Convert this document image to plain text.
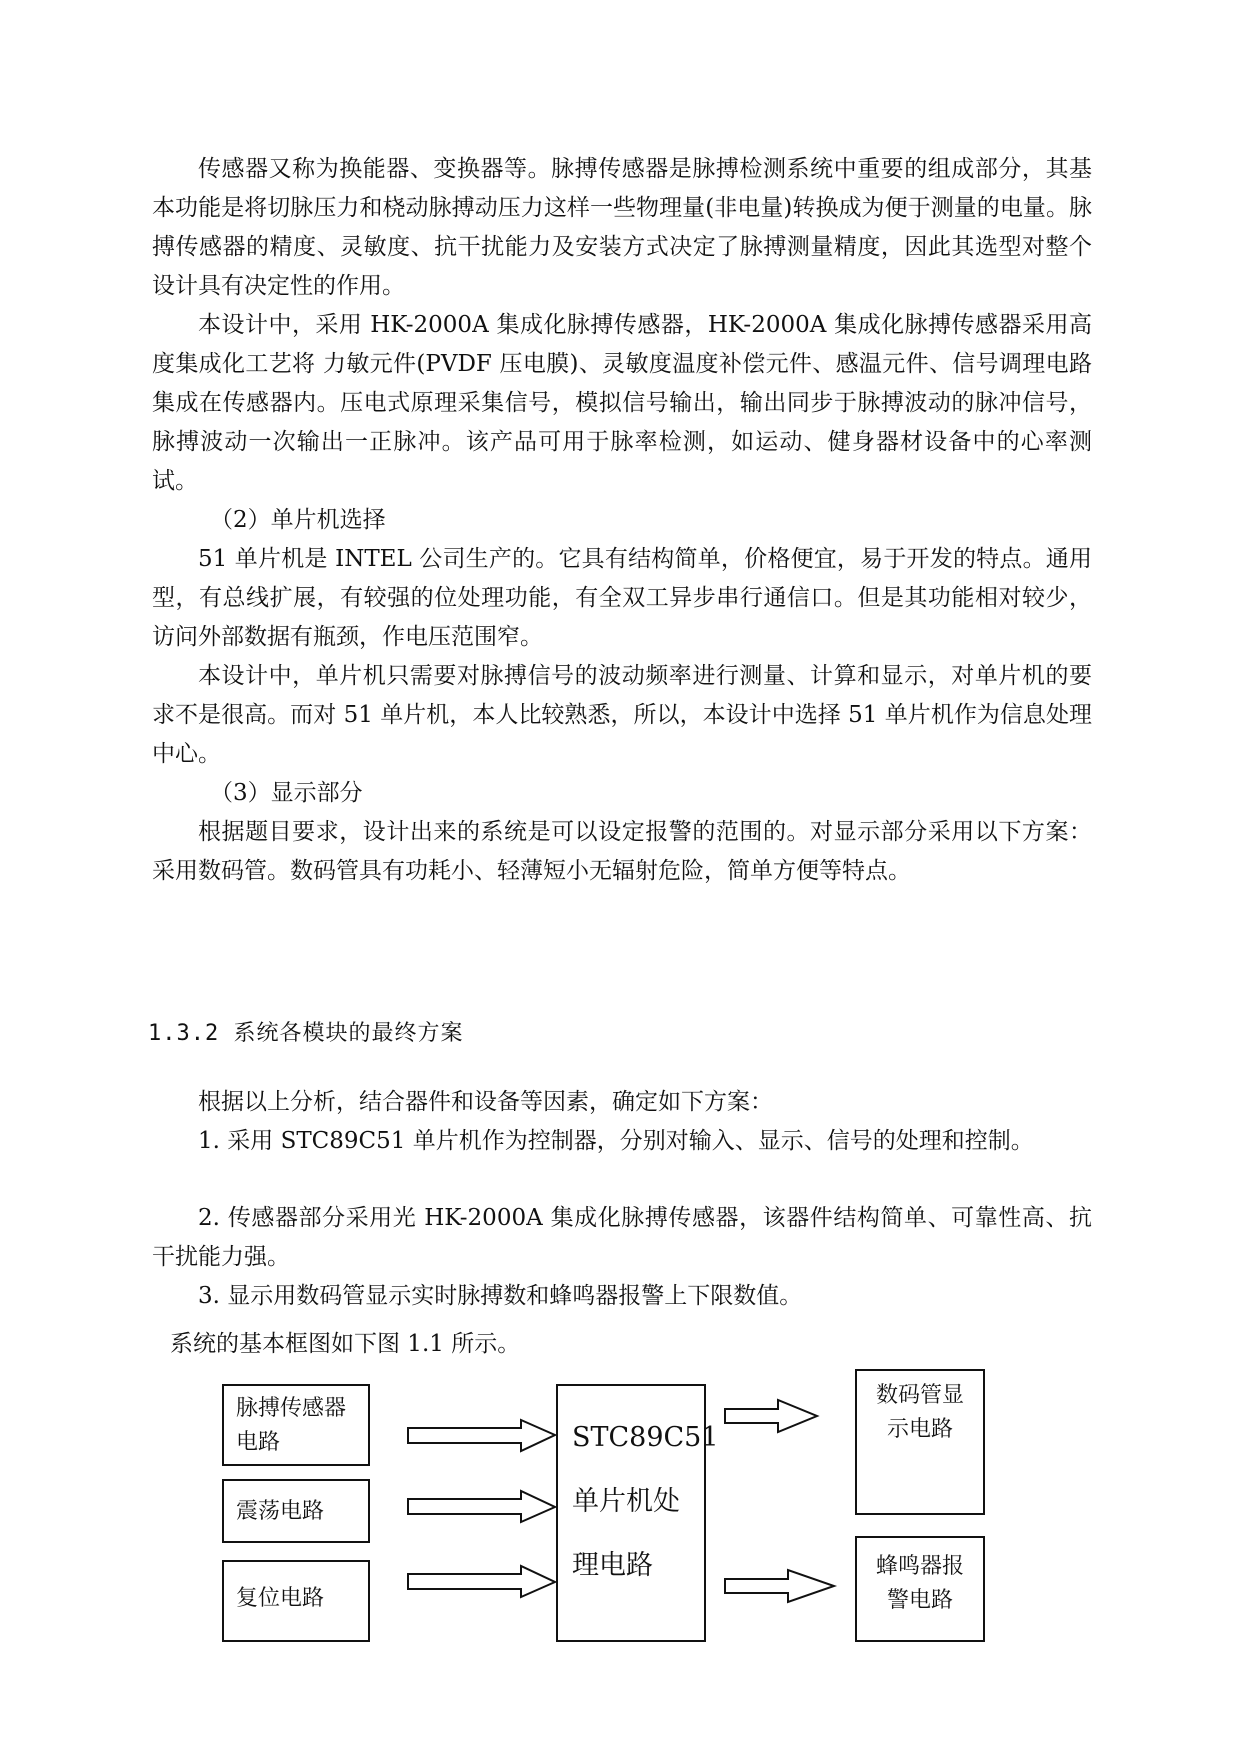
传感器又称为换能器、变换器等。脉搏传感器是脉搏检测系统中重要的组成部分，其基本功能是将切脉压力和桡动脉搏动压力这样一些物理量(非电量)转换成为便于测量的电量。脉搏传感器的精度、灵敏度、抗干扰能力及安装方式决定了脉搏测量精度，因此其选型对整个设计具有决定性的作用。

本设计中，采用 HK-2000A 集成化脉搏传感器，HK-2000A 集成化脉搏传感器采用高度集成化工艺将 力敏元件(PVDF 压电膜)、灵敏度温度补偿元件、感温元件、信号调理电路集成在传感器内。压电式原理采集信号，模拟信号输出，输出同步于脉搏波动的脉冲信号，脉搏波动一次输出一正脉冲。该产品可用于脉率检测，如运动、健身器材设备中的心率测试。

（2）单片机选择

51 单片机是 INTEL 公司生产的。它具有结构简单，价格便宜，易于开发的特点。通用型，有总线扩展，有较强的位处理功能，有全双工异步串行通信口。但是其功能相对较少，访问外部数据有瓶颈，作电压范围窄。

本设计中，单片机只需要对脉搏信号的波动频率进行测量、计算和显示，对单片机的要求不是很高。而对 51 单片机，本人比较熟悉，所以，本设计中选择 51 单片机作为信息处理中心。

（3）显示部分

根据题目要求，设计出来的系统是可以设定报警的范围的。对显示部分采用以下方案：采用数码管。数码管具有功耗小、轻薄短小无辐射危险，简单方便等特点。

1.3.2 系统各模块的最终方案

根据以上分析，结合器件和设备等因素，确定如下方案：

1. 采用 STC89C51 单片机作为控制器，分别对输入、显示、信号的处理和控制。

2. 传感器部分采用光 HK-2000A 集成化脉搏传感器，该器件结构简单、可靠性高、抗干扰能力强。

3. 显示用数码管显示实时脉搏数和蜂鸣器报警上下限数值。

系统的基本框图如下图 1.1 所示。
脉搏传感器
电路
震荡电路
复位电路
STC89C51
单片机处
理电路
数码管显
示电路
蜂鸣器报
警电路
